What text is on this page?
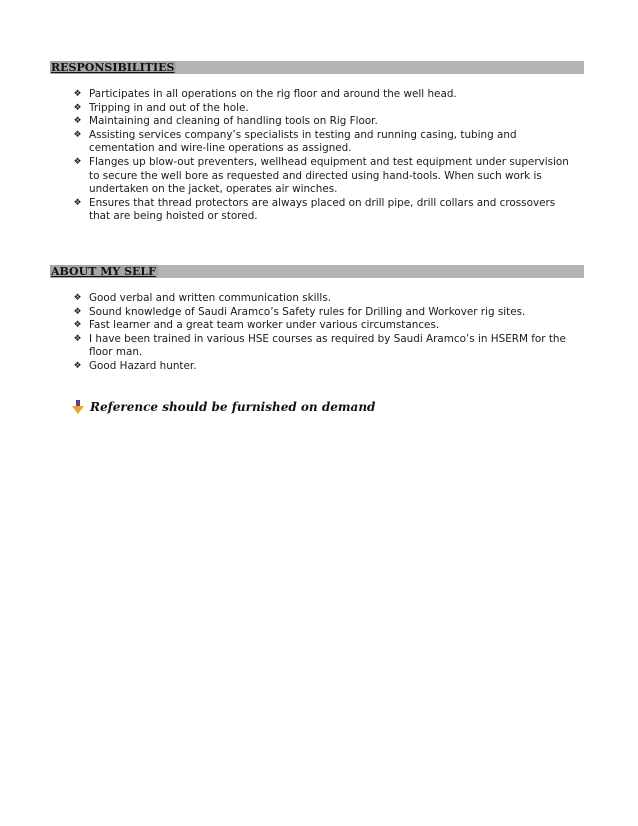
RESPONSIBILITIES
❖ Participates in all operations on the rig floor and around the well head.
❖ Tripping in and out of the hole.
❖ Maintaining and cleaning of handling tools on Rig Floor.
❖ Assisting services company’s specialists in testing and running casing, tubing and cementation and wire-line operations as assigned.
❖ Flanges up blow-out preventers, wellhead equipment and test equipment under supervision to secure the well bore as requested and directed using hand-tools. When such work is undertaken on the jacket, operates air winches.
❖ Ensures that thread protectors are always placed on drill pipe, drill collars and crossovers that are being hoisted or stored.
ABOUT MY SELF
❖ Good verbal and written communication skills.
❖ Sound knowledge of Saudi Aramco’s Safety rules for Drilling and Workover rig sites.
❖ Fast learner and a great team worker under various circumstances.
❖ I have been trained in various HSE courses as required by Saudi Aramco’s in HSERM for the floor man.
❖ Good Hazard hunter.
Reference should be furnished on demand
